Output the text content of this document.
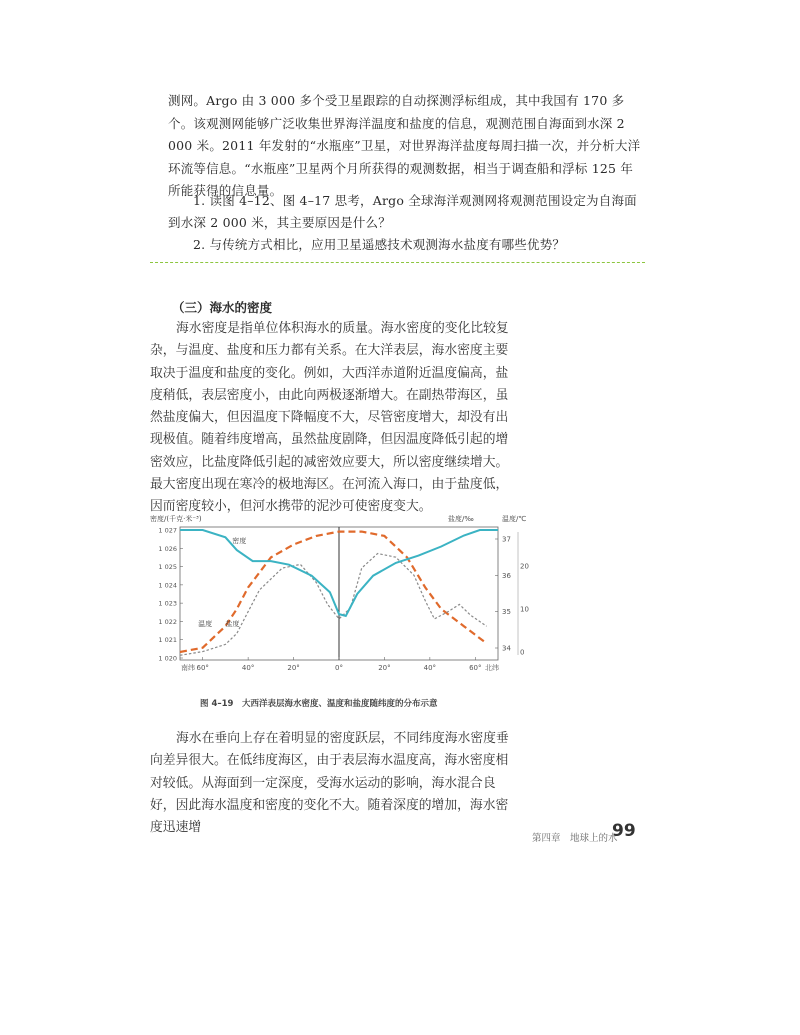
测网。Argo 由 3 000 多个受卫星跟踪的自动探测浮标组成，其中我国有 170 多个。该观测网能够广泛收集世界海洋温度和盐度的信息，观测范围自海面到水深 2 000 米。2011 年发射的“水瓶座”卫星，对世界海洋盐度每周扫描一次，并分析大洋环流等信息。“水瓶座”卫星两个月所获得的观测数据，相当于调查船和浮标 125 年所能获得的信息量。

1. 读图 4–12、图 4–17 思考，Argo 全球海洋观测网将观测范围设定为自海面到水深 2 000 米，其主要原因是什么？

2. 与传统方式相比，应用卫星遥感技术观测海水盐度有哪些优势？

（三）海水的密度

海水密度是指单位体积海水的质量。海水密度的变化比较复杂，与温度、盐度和压力都有关系。在大洋表层，海水密度主要取决于温度和盐度的变化。例如，大西洋赤道附近温度偏高，盐度稍低，表层密度小，由此向两极逐渐增大。在副热带海区，虽然盐度偏大，但因温度下降幅度不大，尽管密度增大，却没有出现极值。随着纬度增高，虽然盐度剧降，但因温度降低引起的增密效应，比盐度降低引起的减密效应要大，所以密度继续增大。最大密度出现在寒冷的极地海区。在河流入海口，由于盐度低，因而密度较小，但河水携带的泥沙可使密度变大。

1 027
1 026
1 025
1 024
1 023
1 022
1 021
1 020
37
36
35
34
20
10
0
密度/(千克·米⁻³)	盐度/‰	温度/℃
南纬 60°	40°	20°	0°	20°	40°	60° 北纬
密度
温度 盐度
图 4–19　大西洋表层海水密度、温度和盐度随纬度的分布示意

海水在垂向上存在着明显的密度跃层，不同纬度海水密度垂向差异很大。在低纬度海区，由于表层海水温度高，海水密度相对较低。从海面到一定深度，受海水运动的影响，海水混合良好，因此海水温度和密度的变化不大。随着深度的增加，海水密度迅速增

第四章　地球上的水
99
